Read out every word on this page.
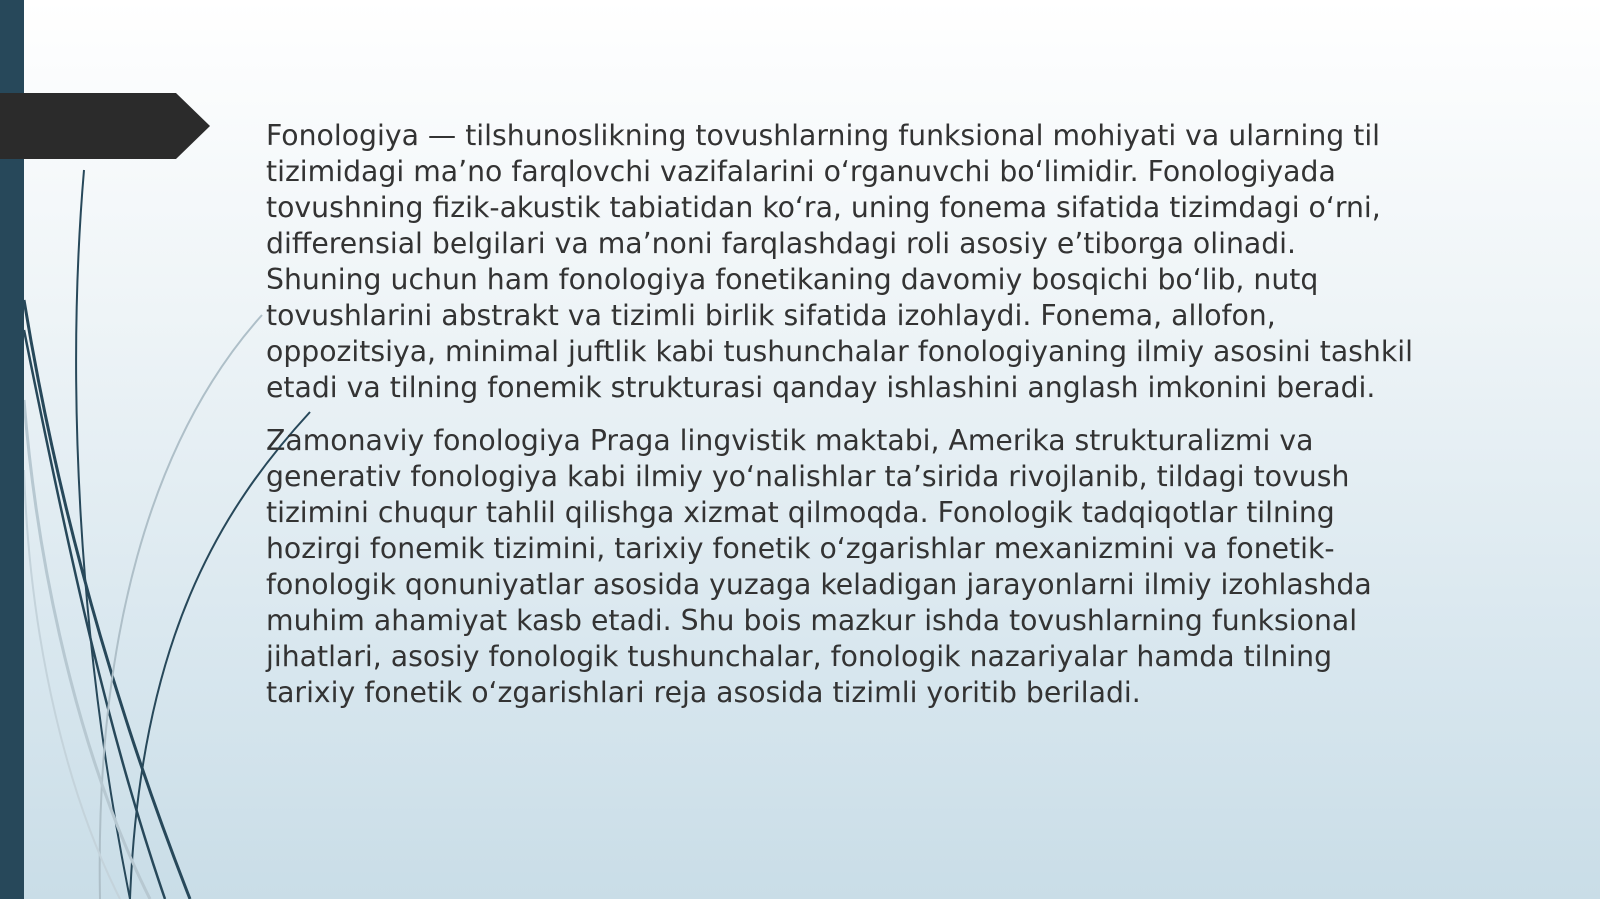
Fonologiya — tilshunoslikning tovushlarning funksional mohiyati va ularning til tizimidagi maʼno farqlovchi vazifalarini oʻrganuvchi boʻlimidir. Fonologiyada tovushning fizik-akustik tabiatidan koʻra, uning fonema sifatida tizimdagi oʻrni, differensial belgilari va maʼnoni farqlashdagi roli asosiy eʼtiborga olinadi. Shuning uchun ham fonologiya fonetikaning davomiy bosqichi boʻlib, nutq tovushlarini abstrakt va tizimli birlik sifatida izohlaydi. Fonema, allofon, oppozitsiya, minimal juftlik kabi tushunchalar fonologiyaning ilmiy asosini tashkil etadi va tilning fonemik strukturasi qanday ishlashini anglash imkonini beradi.

Zamonaviy fonologiya Praga lingvistik maktabi, Amerika strukturalizmi va generativ fonologiya kabi ilmiy yoʻnalishlar taʼsirida rivojlanib, tildagi tovush tizimini chuqur tahlil qilishga xizmat qilmoqda. Fonologik tadqiqotlar tilning hozirgi fonemik tizimini, tarixiy fonetik oʻzgarishlar mexanizmini va fonetik-fonologik qonuniyatlar asosida yuzaga keladigan jarayonlarni ilmiy izohlashda muhim ahamiyat kasb etadi. Shu bois mazkur ishda tovushlarning funksional jihatlari, asosiy fonologik tushunchalar, fonologik nazariyalar hamda tilning tarixiy fonetik oʻzgarishlari reja asosida tizimli yoritib beriladi.
